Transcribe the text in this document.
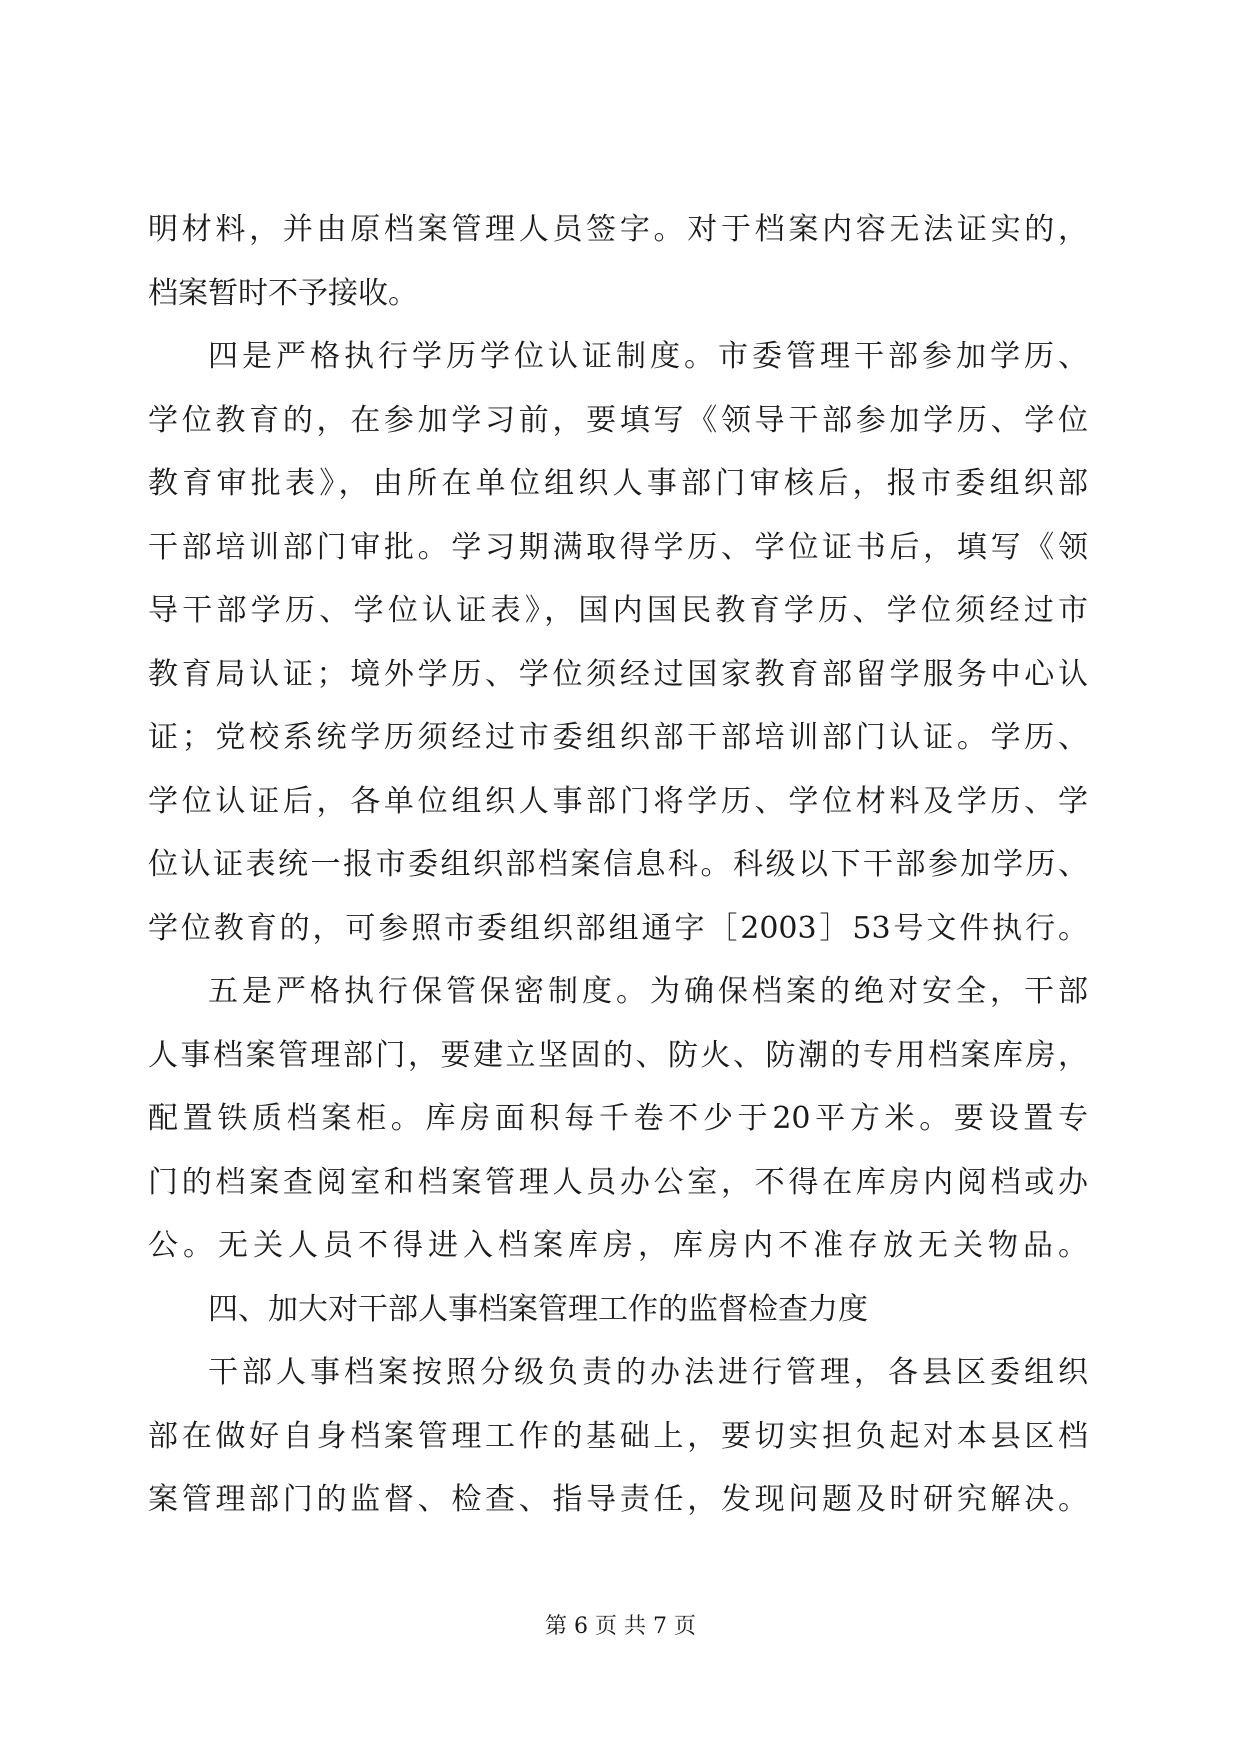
明材料，并由原档案管理人员签字。对于档案内容无法证实的，
档案暂时不予接收。
四是严格执行学历学位认证制度。市委管理干部参加学历、
学位教育的，在参加学习前，要填写《领导干部参加学历、学位
教育审批表》，由所在单位组织人事部门审核后，报市委组织部
干部培训部门审批。学习期满取得学历、学位证书后，填写《领
导干部学历、学位认证表》，国内国民教育学历、学位须经过市
教育局认证；境外学历、学位须经过国家教育部留学服务中心认
证；党校系统学历须经过市委组织部干部培训部门认证。学历、
学位认证后，各单位组织人事部门将学历、学位材料及学历、学
位认证表统一报市委组织部档案信息科。科级以下干部参加学历、
学位教育的，可参照市委组织部组通字［2003］53号文件执行。
五是严格执行保管保密制度。为确保档案的绝对安全，干部
人事档案管理部门，要建立坚固的、防火、防潮的专用档案库房，
配置铁质档案柜。库房面积每千卷不少于20平方米。要设置专
门的档案查阅室和档案管理人员办公室，不得在库房内阅档或办
公。无关人员不得进入档案库房，库房内不准存放无关物品。
四、加大对干部人事档案管理工作的监督检查力度
干部人事档案按照分级负责的办法进行管理，各县区委组织
部在做好自身档案管理工作的基础上，要切实担负起对本县区档
案管理部门的监督、检查、指导责任，发现问题及时研究解决。
第 6 页 共 7 页
